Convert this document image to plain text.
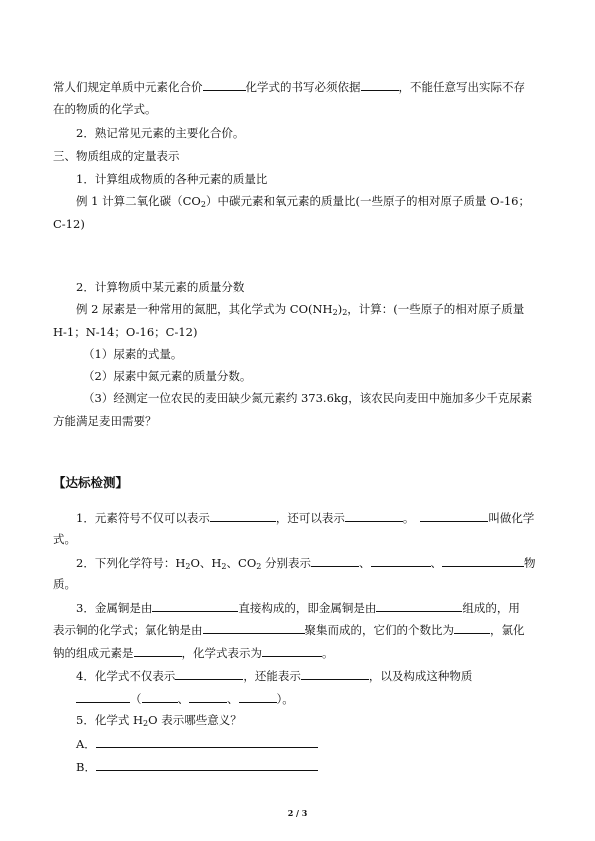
常人们规定单质中元素化合价	化学式的书写必须依据	，不能任意写出实际不存
在的物质的化学式。
2．熟记常见元素的主要化合价。
三、物质组成的定量表示
1．计算组成物质的各种元素的质量比
例 1 计算二氧化碳$(CO_2)$中碳元素和氧元素的质量比(一些原子的相对原子质量 O-16；
C-12)
2．计算物质中某元素的质量分数
例 2 尿素是一种常用的氮肥，其化学式为 $CO(NH_2)_2$，计算：(一些原子的相对原子质量
H-1；N-14；O-16；C-12)
（1）尿素的式量。
（2）尿素中氮元素的质量分数。
（3）经测定一位农民的麦田缺少氮元素约 373.6kg，该农民向麦田中施加多少千克尿素
方能满足麦田需要？
【达标检测】
1．元素符号不仅可以表示	，还可以表示	。	叫做化学
式。
2．下列化学符号：$H_2O$、$H_2$、$CO_2$ 分别表示	、	、	物
质。
3．金属铜是由	直接构成的，即金属铜是由	组成的，用
表示铜的化学式；氯化钠是由	聚集而成的，它们的个数比为	，氯化
钠的组成元素是	，化学式表示为	。
4．化学式不仅表示	，还能表示	，以及构成这种物质
（	、	、	）。
5．化学式 $H_2O$ 表示哪些意义？
A．
B．
2 / 3
